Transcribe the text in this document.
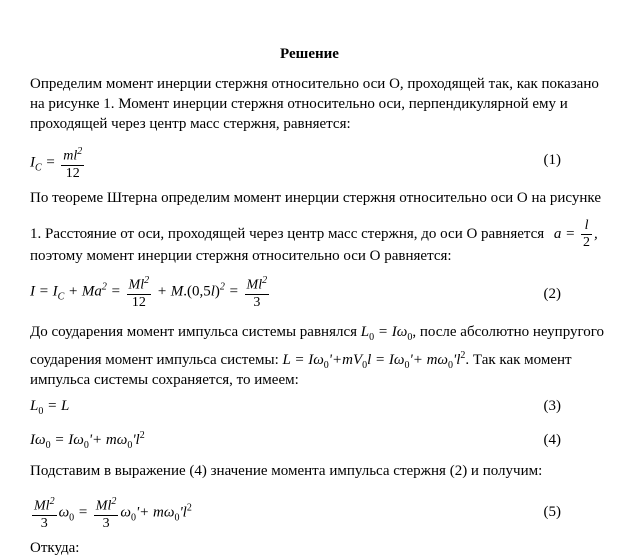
Решение
Определим момент инерции стержня относительно оси О, проходящей так, как показано
на рисунке 1. Момент инерции стержня относительно оси, перпендикулярной ему и
проходящей через центр масс стержня, равняется:
$I_C = \frac{ml^2}{12}$	(1)
По теореме Штерна определим момент инерции стержня относительно оси О на рисунке
1. Расстояние от оси, проходящей через центр масс стержня, до оси О равняется $a = \frac{l}{2}$ ,
поэтому момент инерции стержня относительно оси О равняется:
$I = I_C + Ma^2 = \frac{Ml^2}{12} + M.(0,5l)^2 = \frac{Ml^2}{3}$	(2)
До соударения момент импульса системы равнялся $L_0 = I\omega_0$, после абсолютно неупругого
соударения момент импульса системы: $L = I\omega_0'+mV_0l = I\omega_0'+ m\omega_0'l^2$. Так как момент
импульса системы сохраняется, то имеем:
$L_0 = L$	(3)
$I\omega_0 = I\omega_0'+ m\omega_0'l^2$	(4)
Подставим в выражение (4) значение момента импульса стержня (2) и получим:
$\frac{Ml^2}{3} \omega_0 = \frac{Ml^2}{3} \omega_0'+ m\omega_0'l^2$	(5)
Откуда:
